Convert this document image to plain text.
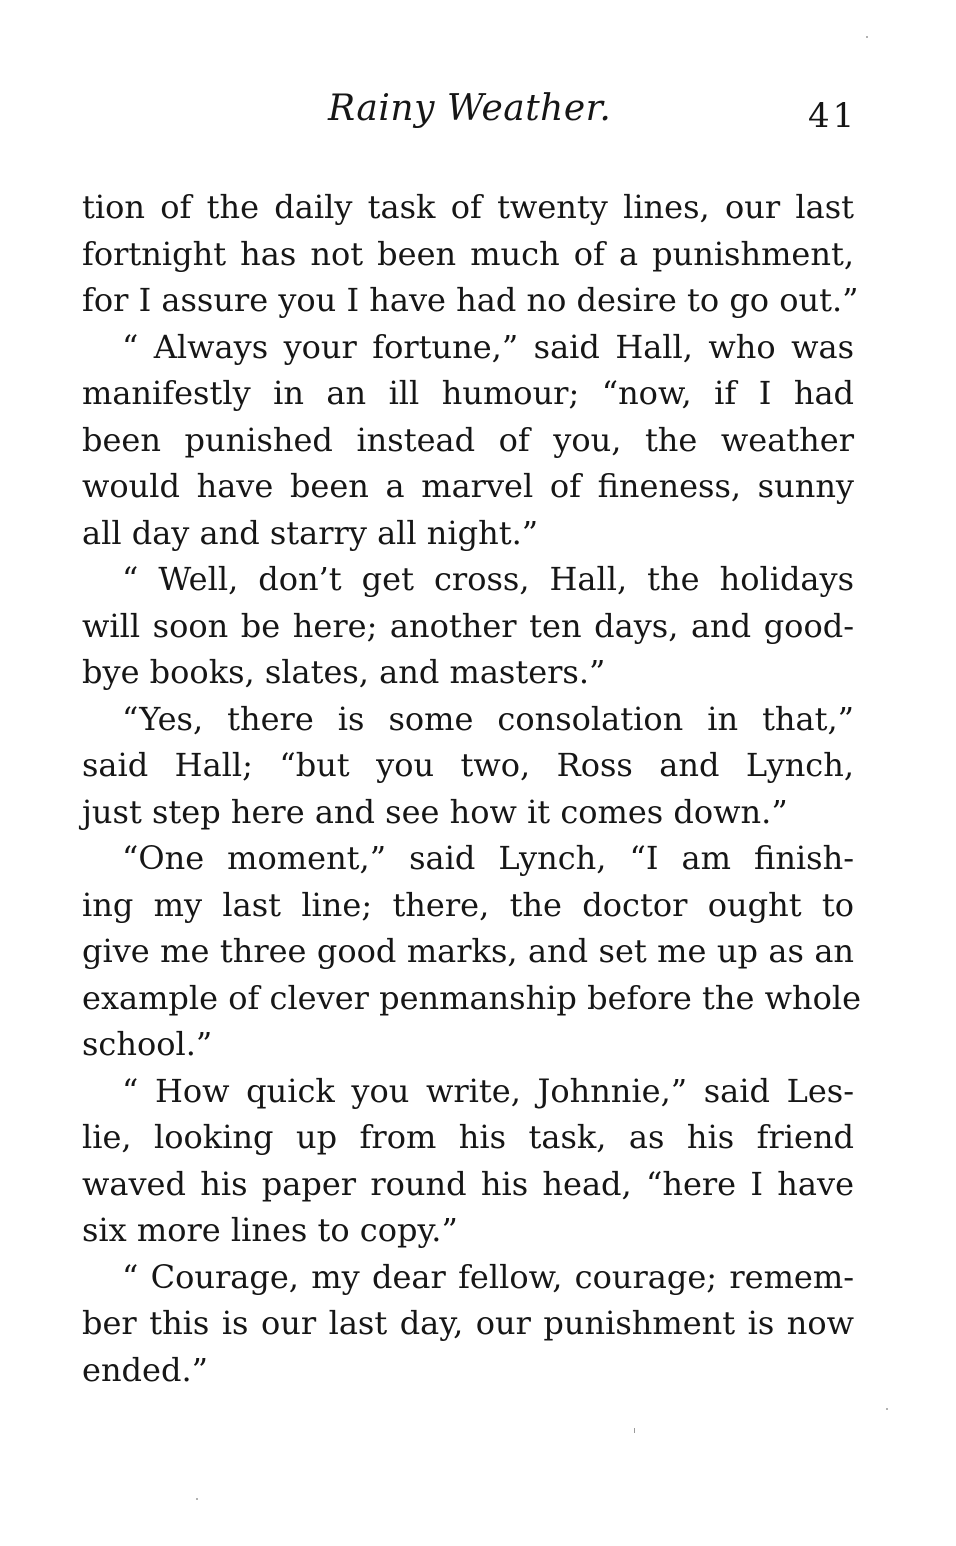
Rainy Weather.	41
tion of the daily task of twenty lines, our last
fortnight has not been much of a punishment,
for I assure you I have had no desire to go out.”
“ Always your fortune,” said Hall, who was
manifestly in an ill humour; “now, if I had
been punished instead of you, the weather
would have been a marvel of fineness, sunny
all day and starry all night.”
“ Well, don’t get cross, Hall, the holidays
will soon be here; another ten days, and good-
bye books, slates, and masters.”
“Yes, there is some consolation in that,”
said Hall; “but you two, Ross and Lynch,
just step here and see how it comes down.”
“One moment,” said Lynch, “I am finish-
ing my last line; there, the doctor ought to
give me three good marks, and set me up as an
example of clever penmanship before the whole
school.”
“ How quick you write, Johnnie,” said Les-
lie, looking up from his task, as his friend
waved his paper round his head, “here I have
six more lines to copy.”
“ Courage, my dear fellow, courage; remem-
ber this is our last day, our punishment is now
ended.”
